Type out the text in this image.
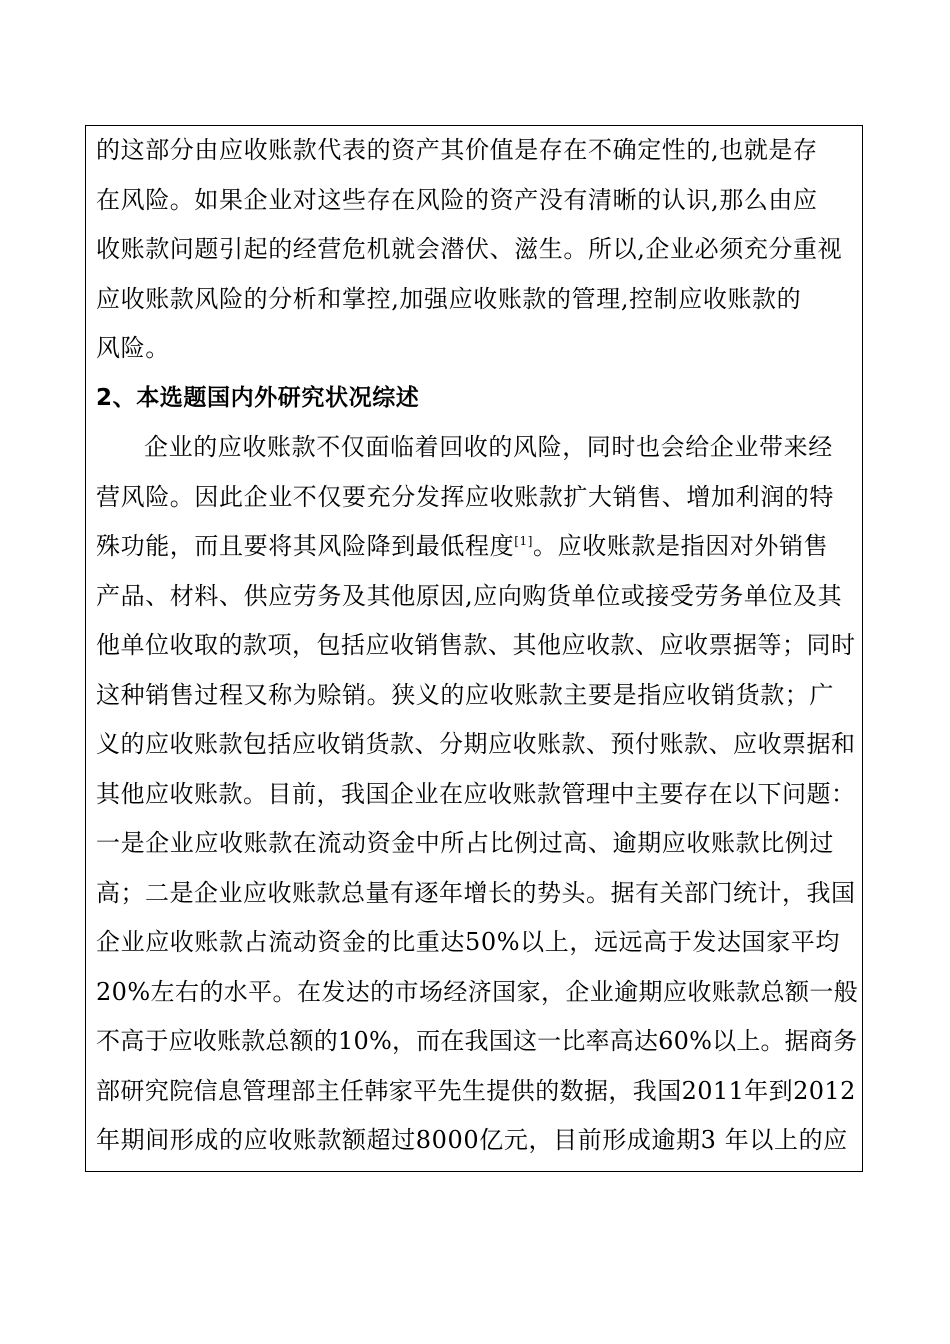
的这部分由应收账款代表的资产其价值是存在不确定性的,也就是存
在风险。如果企业对这些存在风险的资产没有清晰的认识,那么由应
收账款问题引起的经营危机就会潜伏、滋生。所以,企业必须充分重视
应收账款风险的分析和掌控,加强应收账款的管理,控制应收账款的
风险。
2、本选题国内外研究状况综述
企业的应收账款不仅面临着回收的风险，同时也会给企业带来经
营风险。因此企业不仅要充分发挥应收账款扩大销售、增加利润的特
殊功能，而且要将其风险降到最低程度[1]。应收账款是指因对外销售
产品、材料、供应劳务及其他原因,应向购货单位或接受劳务单位及其
他单位收取的款项，包括应收销售款、其他应收款、应收票据等；同时
这种销售过程又称为赊销。狭义的应收账款主要是指应收销货款；广
义的应收账款包括应收销货款、分期应收账款、预付账款、应收票据和
其他应收账款。目前，我国企业在应收账款管理中主要存在以下问题：
一是企业应收账款在流动资金中所占比例过高、逾期应收账款比例过
高；二是企业应收账款总量有逐年增长的势头。据有关部门统计，我国
企业应收账款占流动资金的比重达50%以上，远远高于发达国家平均
20%左右的水平。在发达的市场经济国家，企业逾期应收账款总额一般
不高于应收账款总额的10%，而在我国这一比率高达60%以上。据商务
部研究院信息管理部主任韩家平先生提供的数据，我国2011年到2012
年期间形成的应收账款额超过8000亿元，目前形成逾期3 年以上的应
